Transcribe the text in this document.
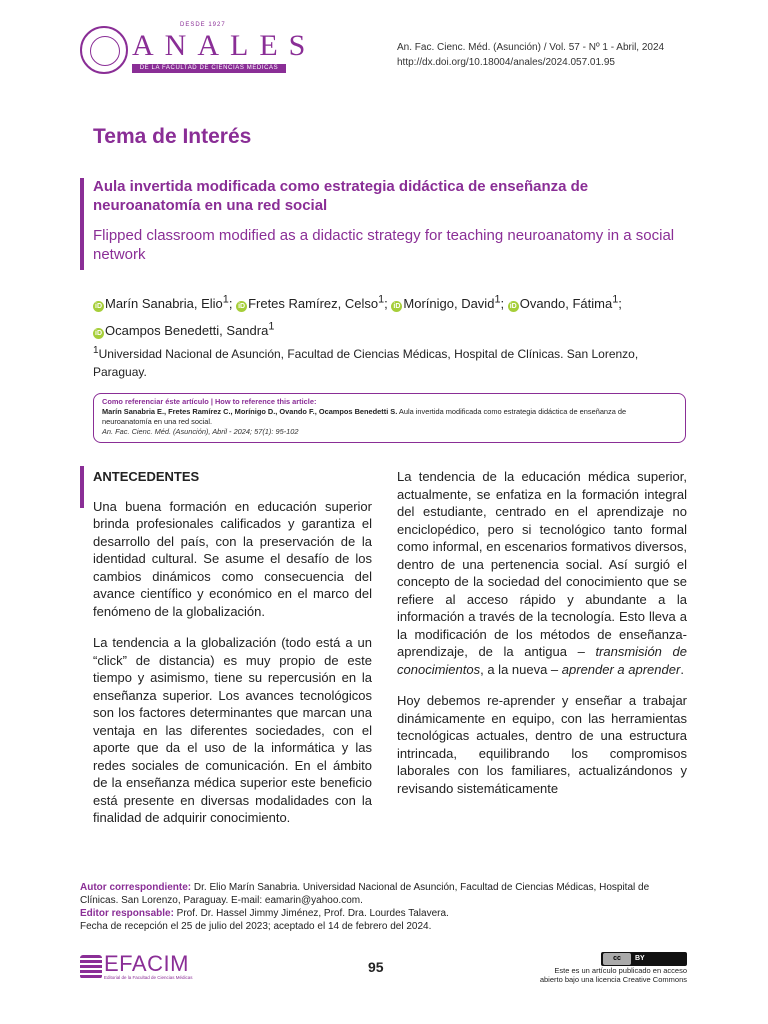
DESDE 1927
ANALES
DE LA FACULTAD DE CIENCIAS MÉDICAS
An. Fac. Cienc. Méd. (Asunción) / Vol. 57 - Nº 1 - Abril, 2024
http://dx.doi.org/10.18004/anales/2024.057.01.95
Tema de Interés
Aula invertida modificada como estrategia didáctica de enseñanza de neuroanatomía en una red social
Flipped classroom modified as a didactic strategy for teaching neuroanatomy in a social network
iD Marín Sanabria, Elio$^1$; iD Fretes Ramírez, Celso$^1$; iD Morínigo, David$^1$; iD Ovando, Fátima$^1$;
iD Ocampos Benedetti, Sandra$^1$
$^1$Universidad Nacional de Asunción, Facultad de Ciencias Médicas, Hospital de Clínicas. San Lorenzo, Paraguay.
Como referenciar éste artículo | How to reference this article:
Marín Sanabria E., Fretes Ramírez C., Morínigo D., Ovando F., Ocampos Benedetti S. Aula invertida modificada como estrategia didáctica de enseñanza de neuroanatomía en una red social.
An. Fac. Cienc. Méd. (Asunción), Abril - 2024; 57(1): 95-102
ANTECEDENTES

Una buena formación en educación superior brinda profesionales calificados y garantiza el desarrollo del país, con la preservación de la identidad cultural. Se asume el desafío de los cambios dinámicos como consecuencia del avance científico y económico en el marco del fenómeno de la globalización.

La tendencia a la globalización (todo está a un “click” de distancia) es muy propio de este tiempo y asimismo, tiene su repercusión en la enseñanza superior. Los avances tecnológicos son los factores determinantes que marcan una ventaja en las diferentes sociedades, con el aporte que da el uso de la informática y las redes sociales de comunicación. En el ámbito de la enseñanza médica superior este beneficio está presente en diversas modalidades con la finalidad de adquirir conocimiento.

La tendencia de la educación médica superior, actualmente, se enfatiza en la formación integral del estudiante, centrado en el aprendizaje no enciclopédico, pero si tecnológico tanto formal como informal, en escenarios formativos diversos, dentro de una pertenencia social. Así surgió el concepto de la sociedad del conocimiento que se refiere al acceso rápido y abundante a la información a través de la tecnología. Esto lleva a la modificación de los métodos de enseñanza-aprendizaje, de la antigua – transmisión de conocimientos, a la nueva – aprender a aprender.

Hoy debemos re-aprender y enseñar a trabajar dinámicamente en equipo, con las herramientas tecnológicas actuales, dentro de una estructura intrincada, equilibrando los compromisos laborales con los familiares, actualizándonos y revisando sistemáticamente

Autor correspondiente: Dr. Elio Marín Sanabria. Universidad Nacional de Asunción, Facultad de Ciencias Médicas, Hospital de Clínicas. San Lorenzo, Paraguay. E-mail: eamarin@yahoo.com.
Editor responsable: Prof. Dr. Hassel Jimmy Jiménez, Prof. Dra. Lourdes Talavera.
Fecha de recepción el 25 de julio del 2023; aceptado el 14 de febrero del 2024.
EFACIM
Editorial de la Facultad de Ciencias Médicas
95
cc	BY
Este es un artículo publicado en acceso abierto bajo una licencia Creative Commons
